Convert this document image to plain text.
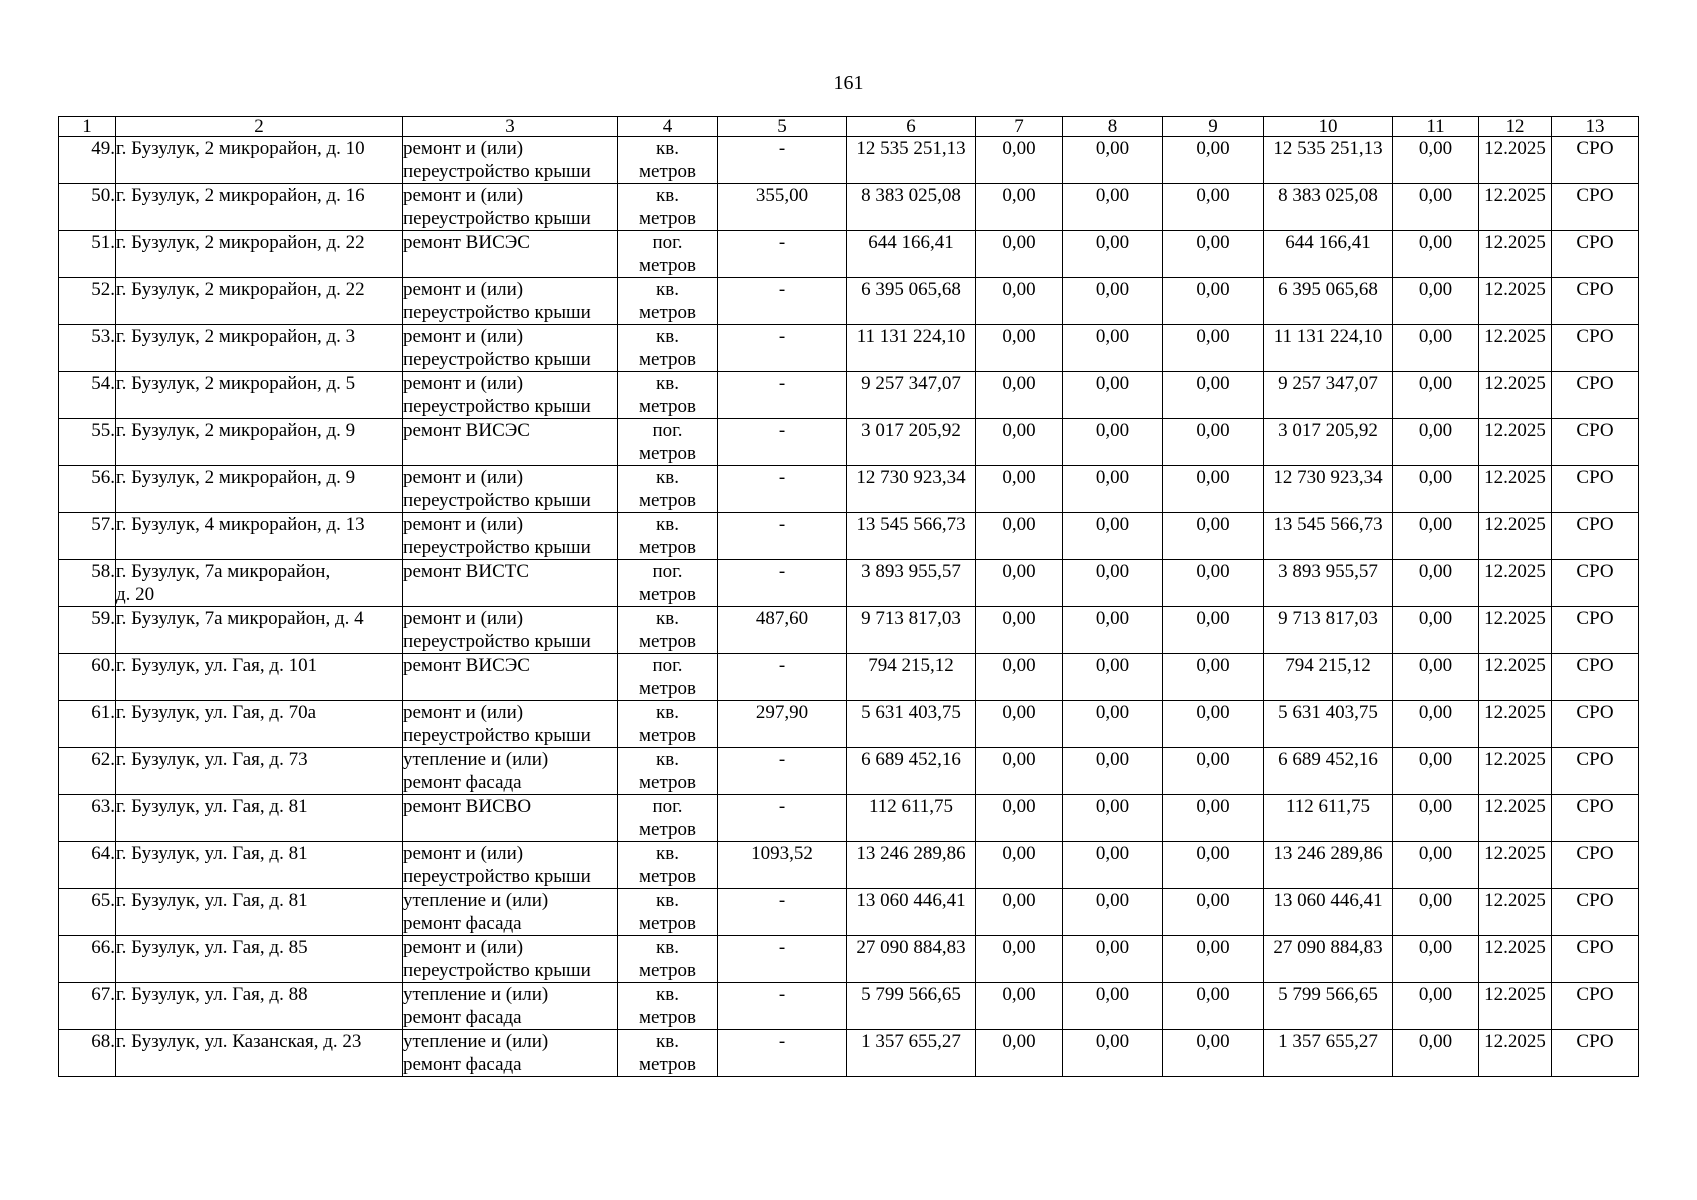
161
1	2	3	4	5	6	7	8	9	10	11	12	13
49.	г. Бузулук, 2 микрорайон, д. 10	ремонт и (или)
переустройство крыши	кв.
метров	-	12 535 251,13	0,00	0,00	0,00	12 535 251,13	0,00	12.2025	СРО
50.	г. Бузулук, 2 микрорайон, д. 16	ремонт и (или)
переустройство крыши	кв.
метров	355,00	8 383 025,08	0,00	0,00	0,00	8 383 025,08	0,00	12.2025	СРО
51.	г. Бузулук, 2 микрорайон, д. 22	ремонт ВИСЭС	пог.
метров	-	644 166,41	0,00	0,00	0,00	644 166,41	0,00	12.2025	СРО
52.	г. Бузулук, 2 микрорайон, д. 22	ремонт и (или)
переустройство крыши	кв.
метров	-	6 395 065,68	0,00	0,00	0,00	6 395 065,68	0,00	12.2025	СРО
53.	г. Бузулук, 2 микрорайон, д. 3	ремонт и (или)
переустройство крыши	кв.
метров	-	11 131 224,10	0,00	0,00	0,00	11 131 224,10	0,00	12.2025	СРО
54.	г. Бузулук, 2 микрорайон, д. 5	ремонт и (или)
переустройство крыши	кв.
метров	-	9 257 347,07	0,00	0,00	0,00	9 257 347,07	0,00	12.2025	СРО
55.	г. Бузулук, 2 микрорайон, д. 9	ремонт ВИСЭС	пог.
метров	-	3 017 205,92	0,00	0,00	0,00	3 017 205,92	0,00	12.2025	СРО
56.	г. Бузулук, 2 микрорайон, д. 9	ремонт и (или)
переустройство крыши	кв.
метров	-	12 730 923,34	0,00	0,00	0,00	12 730 923,34	0,00	12.2025	СРО
57.	г. Бузулук, 4 микрорайон, д. 13	ремонт и (или)
переустройство крыши	кв.
метров	-	13 545 566,73	0,00	0,00	0,00	13 545 566,73	0,00	12.2025	СРО
58.	г. Бузулук, 7а микрорайон,
д. 20	ремонт ВИСТС	пог.
метров	-	3 893 955,57	0,00	0,00	0,00	3 893 955,57	0,00	12.2025	СРО
59.	г. Бузулук, 7а микрорайон, д. 4	ремонт и (или)
переустройство крыши	кв.
метров	487,60	9 713 817,03	0,00	0,00	0,00	9 713 817,03	0,00	12.2025	СРО
60.	г. Бузулук, ул. Гая, д. 101	ремонт ВИСЭС	пог.
метров	-	794 215,12	0,00	0,00	0,00	794 215,12	0,00	12.2025	СРО
61.	г. Бузулук, ул. Гая, д. 70а	ремонт и (или)
переустройство крыши	кв.
метров	297,90	5 631 403,75	0,00	0,00	0,00	5 631 403,75	0,00	12.2025	СРО
62.	г. Бузулук, ул. Гая, д. 73	утепление и (или)
ремонт фасада	кв.
метров	-	6 689 452,16	0,00	0,00	0,00	6 689 452,16	0,00	12.2025	СРО
63.	г. Бузулук, ул. Гая, д. 81	ремонт ВИСВО	пог.
метров	-	112 611,75	0,00	0,00	0,00	112 611,75	0,00	12.2025	СРО
64.	г. Бузулук, ул. Гая, д. 81	ремонт и (или)
переустройство крыши	кв.
метров	1093,52	13 246 289,86	0,00	0,00	0,00	13 246 289,86	0,00	12.2025	СРО
65.	г. Бузулук, ул. Гая, д. 81	утепление и (или)
ремонт фасада	кв.
метров	-	13 060 446,41	0,00	0,00	0,00	13 060 446,41	0,00	12.2025	СРО
66.	г. Бузулук, ул. Гая, д. 85	ремонт и (или)
переустройство крыши	кв.
метров	-	27 090 884,83	0,00	0,00	0,00	27 090 884,83	0,00	12.2025	СРО
67.	г. Бузулук, ул. Гая, д. 88	утепление и (или)
ремонт фасада	кв.
метров	-	5 799 566,65	0,00	0,00	0,00	5 799 566,65	0,00	12.2025	СРО
68.	г. Бузулук, ул. Казанская, д. 23	утепление и (или)
ремонт фасада	кв.
метров	-	1 357 655,27	0,00	0,00	0,00	1 357 655,27	0,00	12.2025	СРО
